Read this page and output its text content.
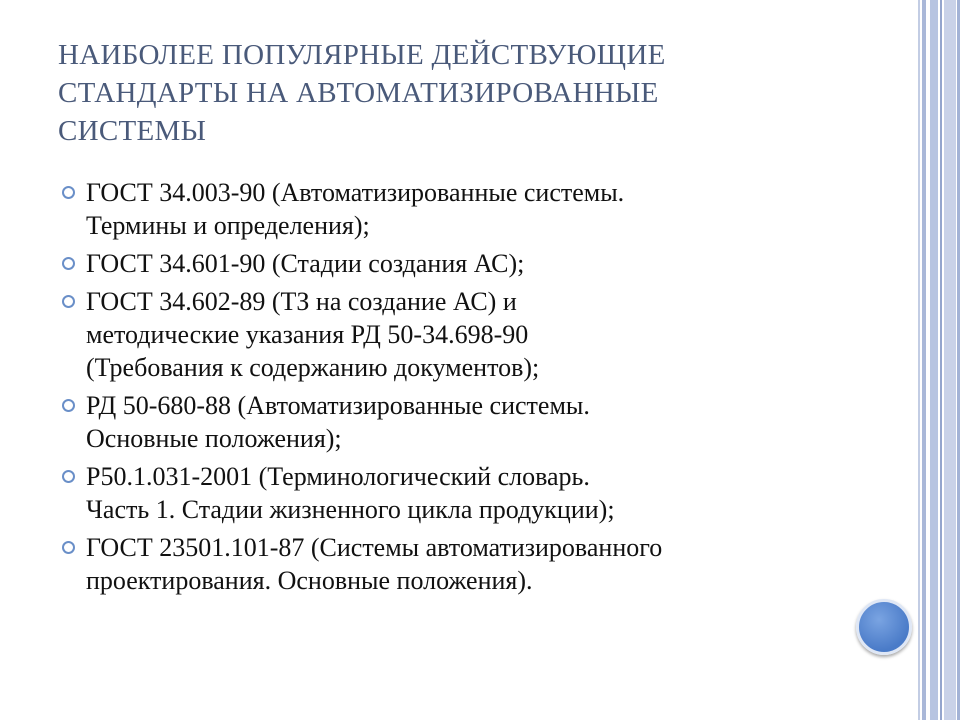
НАИБОЛЕЕ ПОПУЛЯРНЫЕ ДЕЙСТВУЮЩИЕ
СТАНДАРТЫ НА АВТОМАТИЗИРОВАННЫЕ
СИСТЕМЫ
ГОСТ 34.003-90 (Автоматизированные системы.
Термины и определения);
ГОСТ 34.601-90 (Стадии создания АС);
ГОСТ 34.602-89 (ТЗ на создание АС) и
методические указания РД 50-34.698-90
(Требования к содержанию документов);
РД 50-680-88 (Автоматизированные системы.
Основные положения);
Р50.1.031-2001 (Терминологический словарь.
Часть 1. Стадии жизненного цикла продукции);
ГОСТ 23501.101-87 (Системы автоматизированного
проектирования. Основные положения).
